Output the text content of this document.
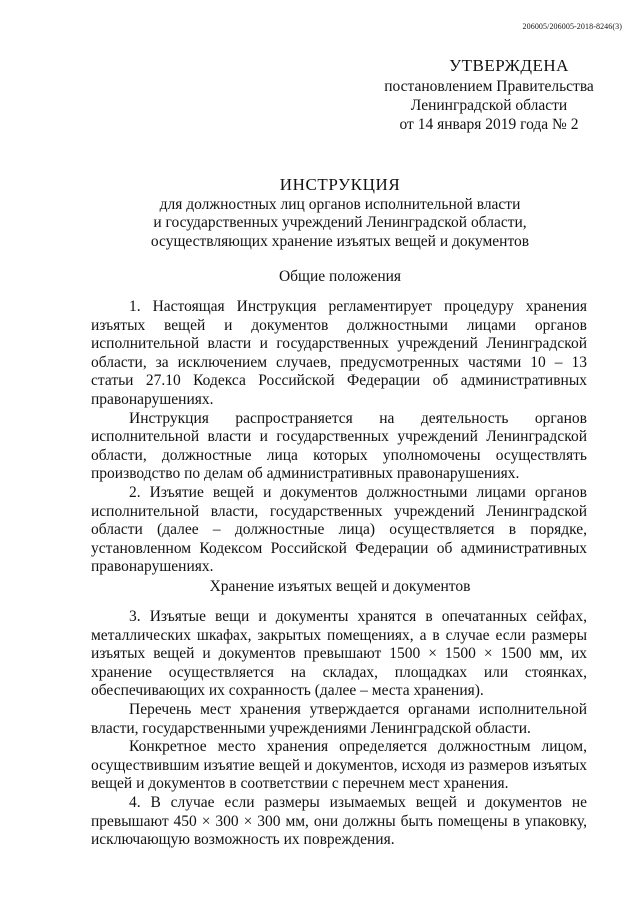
206005/206005-2018-8246(3)
УТВЕРЖДЕНА
постановлением Правительства
Ленинградской области
от 14 января 2019 года № 2
ИНСТРУКЦИЯ
для должностных лиц органов исполнительной власти
и государственных учреждений Ленинградской области,
осуществляющих хранение изъятых вещей и документов
Общие положения

1. Настоящая Инструкция регламентирует процедуру хранения изъятых вещей и документов должностными лицами органов исполнительной власти и государственных учреждений Ленинградской области, за исключением случаев, предусмотренных частями 10 – 13 статьи 27.10 Кодекса Российской Федерации об административных правонарушениях.

Инструкция распространяется на деятельность органов исполнительной власти и государственных учреждений Ленинградской области, должностные лица которых уполномочены осуществлять производство по делам об административных правонарушениях.

2. Изъятие вещей и документов должностными лицами органов исполнительной власти, государственных учреждений Ленинградской области (далее – должностные лица) осуществляется в порядке, установленном Кодексом Российской Федерации об административных правонарушениях.

Хранение изъятых вещей и документов

3. Изъятые вещи и документы хранятся в опечатанных сейфах, металлических шкафах, закрытых помещениях, а в случае если размеры изъятых вещей и документов превышают 1500 × 1500 × 1500 мм, их хранение осуществляется на складах, площадках или стоянках, обеспечивающих их сохранность (далее – места хранения).

Перечень мест хранения утверждается органами исполнительной власти, государственными учреждениями Ленинградской области.

Конкретное место хранения определяется должностным лицом, осуществившим изъятие вещей и документов, исходя из размеров изъятых вещей и документов в соответствии с перечнем мест хранения.

4. В случае если размеры изымаемых вещей и документов не превышают 450 × 300 × 300 мм, они должны быть помещены в упаковку, исключающую возможность их повреждения.
